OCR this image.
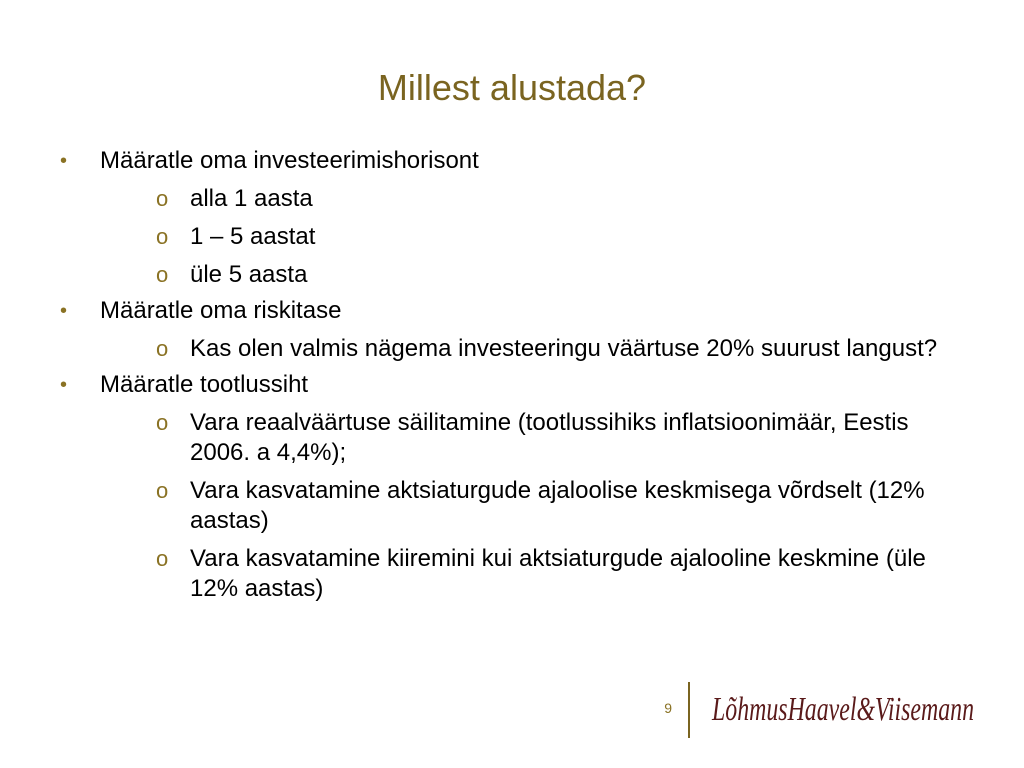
Millest alustada?
• Määratle oma investeerimishorisont
o alla 1 aasta
o 1 – 5 aastat
o üle 5 aasta
• Määratle oma riskitase
o Kas olen valmis nägema investeeringu väärtuse 20% suurust langust?
• Määratle tootlussiht
o Vara reaalväärtuse säilitamine (tootlussihiks inflatsioonimäär, Eestis 2006. a 4,4%);
o Vara kasvatamine aktsiaturgude ajaloolise keskmisega võrdselt (12% aastas)
o Vara kasvatamine kiiremini kui aktsiaturgude ajalooline keskmine (üle 12% aastas)
9 LõhmusHaavel&Viisemann
